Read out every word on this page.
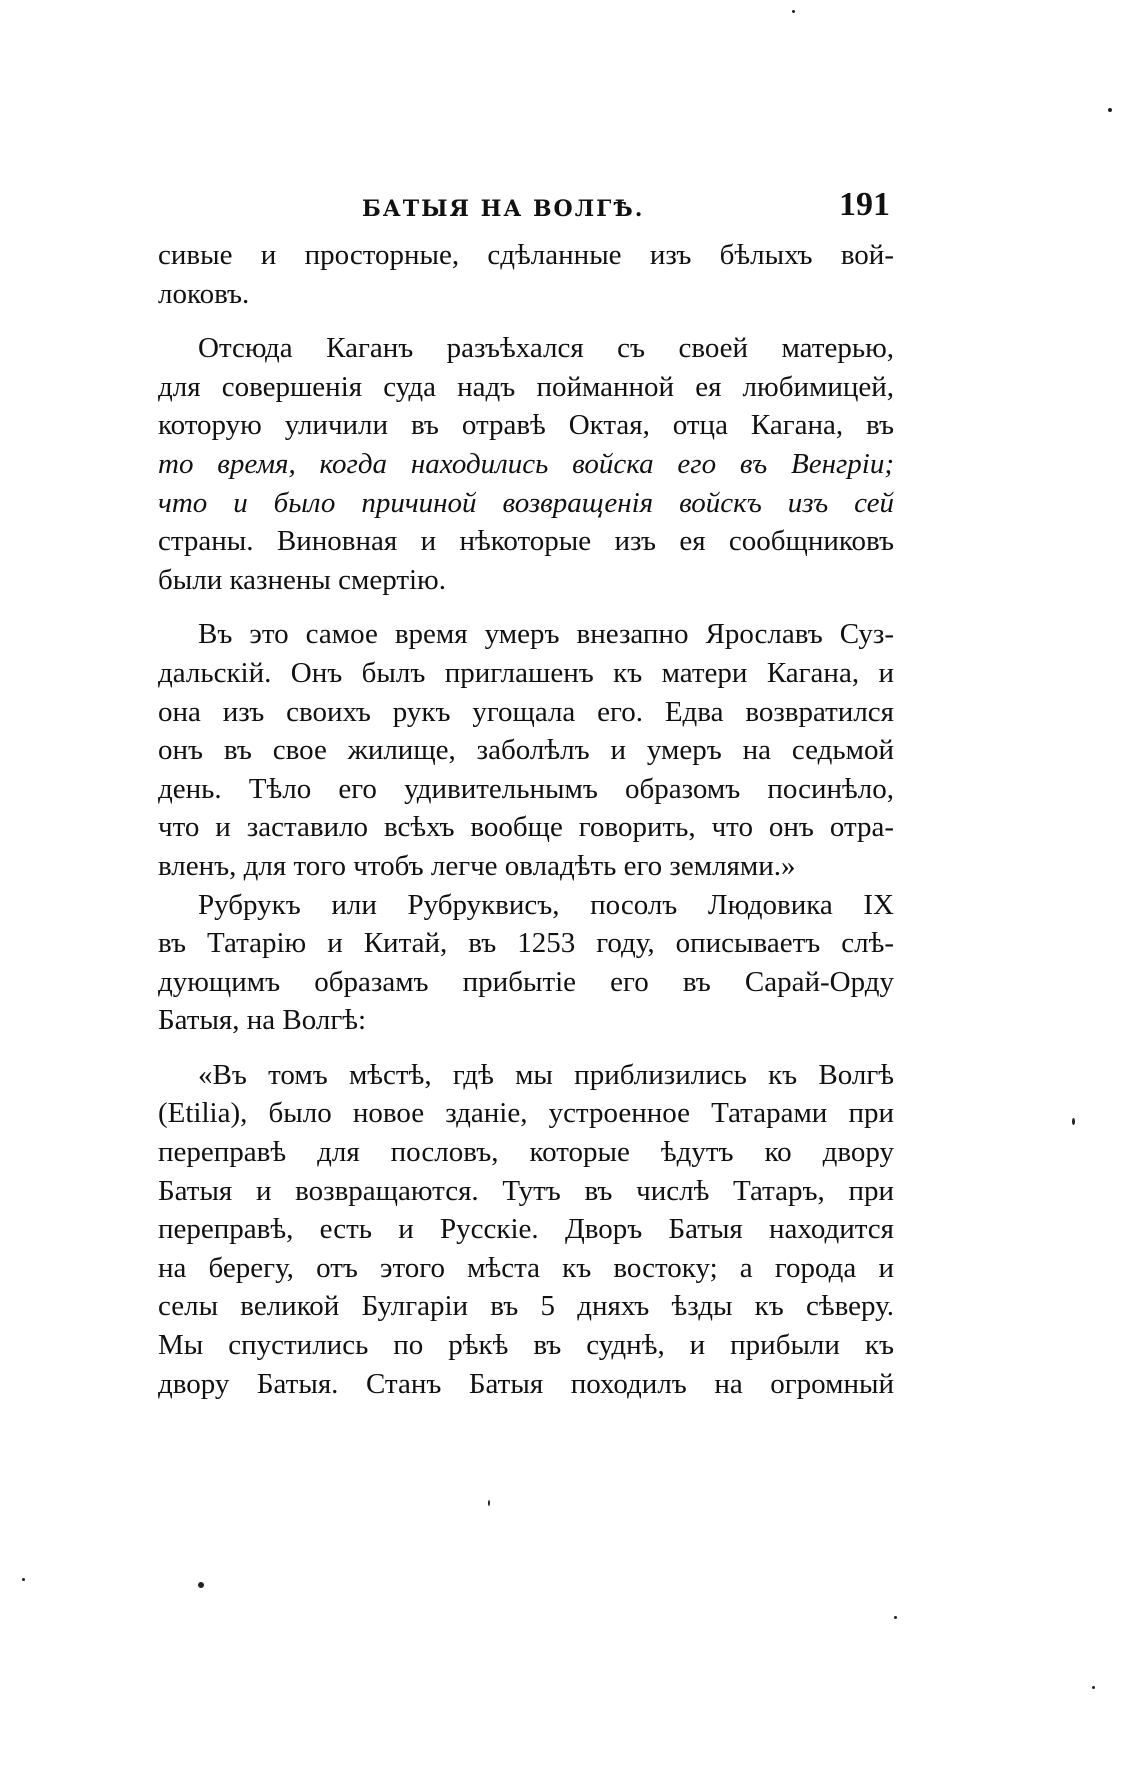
БАТЫЯ НА ВОЛГѢ.	191

сивые и просторные, сдѣланные изъ бѣлыхъ вой-
локовъ.

Отсюда Каганъ разъѣхался съ своей матерью,
для совершенія суда надъ пойманной ея любимицей,
которую уличили въ отравѣ Октая, отца Кагана, въ
то время, когда находились войска его въ Венгріи;
что и было причиной возвращенія войскъ изъ сей
страны. Виновная и нѣкоторые изъ ея сообщниковъ
были казнены смертію.

Въ это самое время умеръ внезапно Ярославъ Суз-
дальскій. Онъ былъ приглашенъ къ матери Кагана, и
она изъ своихъ рукъ угощала его. Едва возвратился
онъ въ свое жилище, заболѣлъ и умеръ на седьмой
день. Тѣло его удивительнымъ образомъ посинѣло,
что и заставило всѣхъ вообще говорить, что онъ отра-
вленъ, для того чтобъ легче овладѣть его землями.»

Рубрукъ или Рубруквисъ, посолъ Людовика IX
въ Татарію и Китай, въ 1253 году, описываетъ слѣ-
дующимъ образамъ прибытіе его въ Сарай-Орду
Батыя, на Волгѣ:

«Въ томъ мѣстѣ, гдѣ мы приблизились къ Волгѣ
(Etilia), было новое зданіе, устроенное Татарами при
переправѣ для пословъ, которые ѣдутъ ко двору
Батыя и возвращаются. Тутъ въ числѣ Татаръ, при
переправѣ, есть и Русскіе. Дворъ Батыя находится
на берегу, отъ этого мѣста къ востоку; а города и
селы великой Булгаріи въ 5 дняхъ ѣзды къ сѣверу.
Мы спустились по рѣкѣ въ суднѣ, и прибыли къ
двору Батыя. Станъ Батыя походилъ на огромный
